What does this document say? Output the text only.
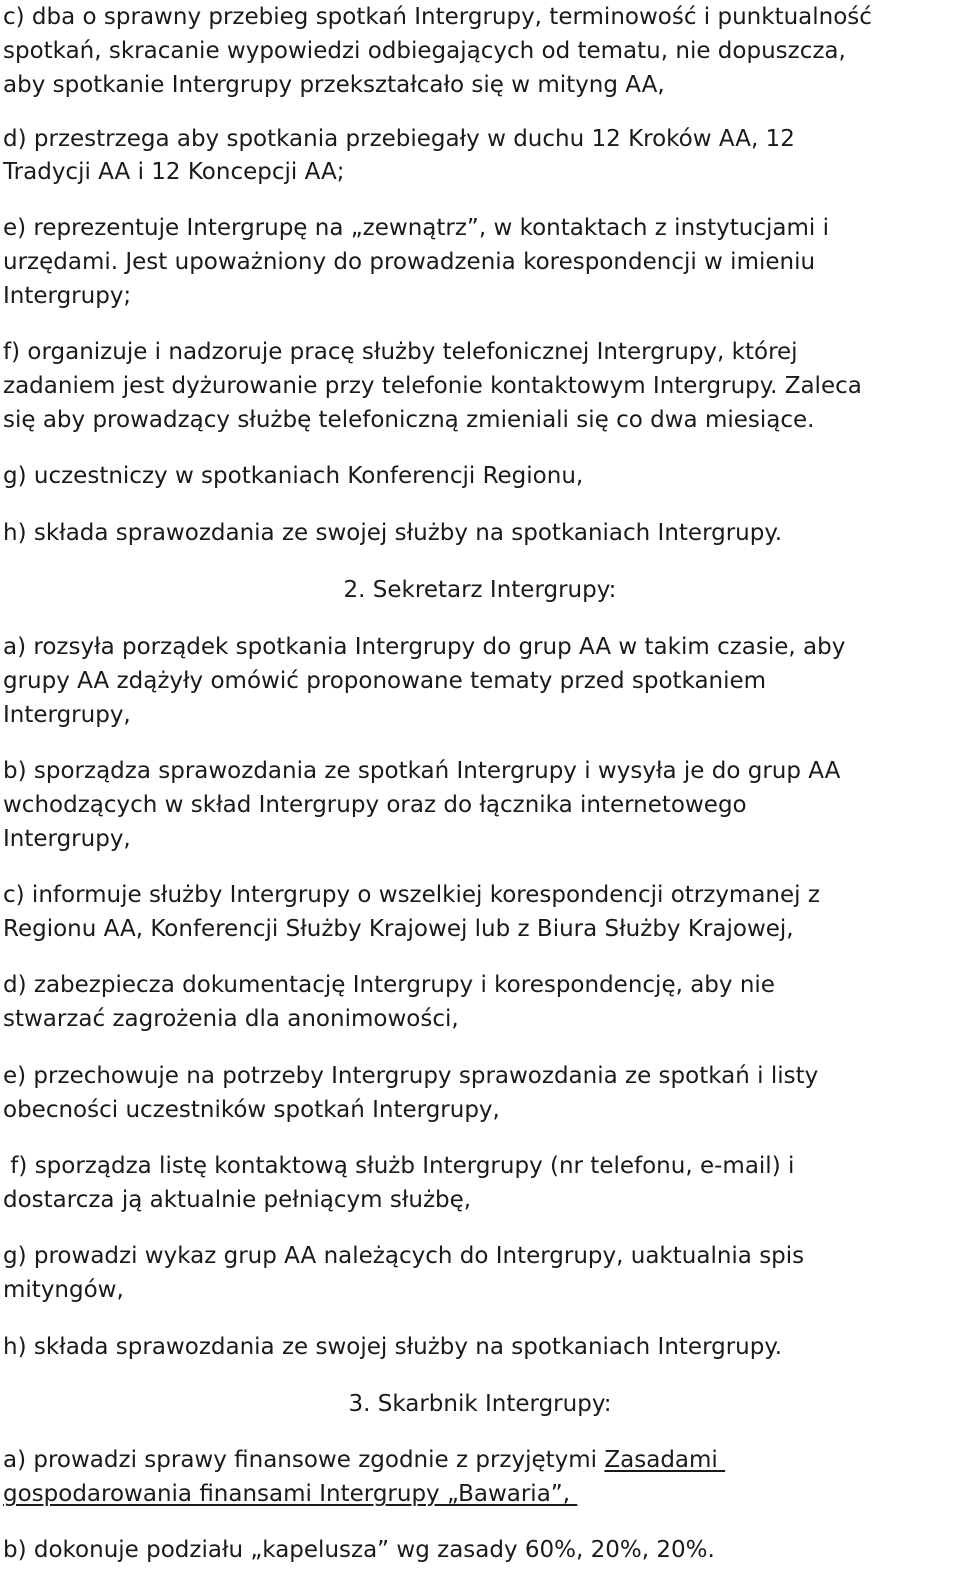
c) dba o sprawny przebieg spotkań Intergrupy, terminowość i punktualność
spotkań, skracanie wypowiedzi odbiegających od tematu, nie dopuszcza,
aby spotkanie Intergrupy przekształcało się w mityng AA,
d) przestrzega aby spotkania przebiegały w duchu 12 Kroków AA, 12
Tradycji AA i 12 Koncepcji AA;
e) reprezentuje Intergrupę na „zewnątrz”, w kontaktach z instytucjami i
urzędami. Jest upoważniony do prowadzenia korespondencji w imieniu
Intergrupy;
f) organizuje i nadzoruje pracę służby telefonicznej Intergrupy, której
zadaniem jest dyżurowanie przy telefonie kontaktowym Intergrupy. Zaleca
się aby prowadzący służbę telefoniczną zmieniali się co dwa miesiące.
g) uczestniczy w spotkaniach Konferencji Regionu,
h) składa sprawozdania ze swojej służby na spotkaniach Intergrupy.
2. Sekretarz Intergrupy:
a) rozsyła porządek spotkania Intergrupy do grup AA w takim czasie, aby
grupy AA zdążyły omówić proponowane tematy przed spotkaniem
Intergrupy,
b) sporządza sprawozdania ze spotkań Intergrupy i wysyła je do grup AA
wchodzących w skład Intergrupy oraz do łącznika internetowego
Intergrupy,
c) informuje służby Intergrupy o wszelkiej korespondencji otrzymanej z
Regionu AA, Konferencji Służby Krajowej lub z Biura Służby Krajowej,
d) zabezpiecza dokumentację Intergrupy i korespondencję, aby nie
stwarzać zagrożenia dla anonimowości,
e) przechowuje na potrzeby Intergrupy sprawozdania ze spotkań i listy
obecności uczestników spotkań Intergrupy,
f) sporządza listę kontaktową służb Intergrupy (nr telefonu, e-mail) i
dostarcza ją aktualnie pełniącym służbę,
g) prowadzi wykaz grup AA należących do Intergrupy, uaktualnia spis
mityngów,
h) składa sprawozdania ze swojej służby na spotkaniach Intergrupy.
3. Skarbnik Intergrupy:
a) prowadzi sprawy finansowe zgodnie z przyjętymi Zasadami
gospodarowania finansami Intergrupy „Bawaria”,
b) dokonuje podziału „kapelusza” wg zasady 60%, 20%, 20%.
